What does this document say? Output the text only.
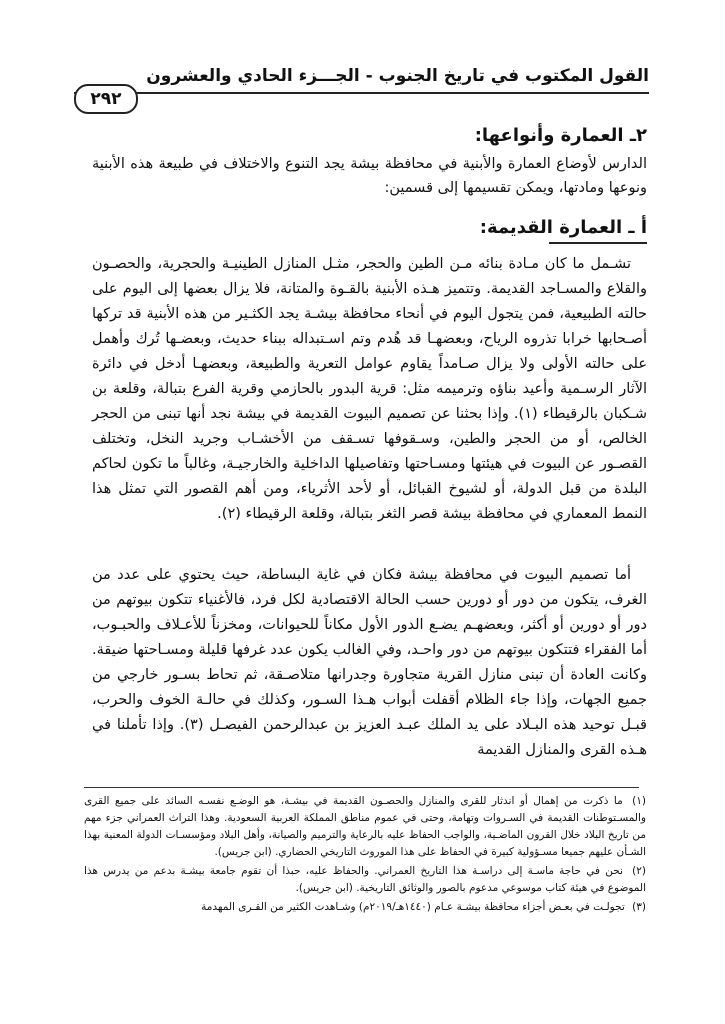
القول المكتوب في تاريخ الجنوب - الجـــزء الحادي والعشرون
٢٩٢
٢ـ العمارة وأنواعها:
الدارس لأوضاع العمارة والأبنية في محافظة بيشة يجد التنوع والاختلاف في طبيعة هذه الأبنية ونوعها ومادتها، ويمكن تقسيمها إلى قسمين:
أ ـ العمارة القديمة:
تشـمل ما كان مـادة بنائه مـن الطين والحجر، مثـل المنازل الطينيـة والحجرية، والحصـون والقلاع والمسـاجد القديمة. وتتميز هـذه الأبنية بالقـوة والمتانة، فلا يزال بعضها إلى اليوم على حالته الطبيعية، فمن يتجول اليوم في أنحاء محافظة بيشـة يجد الكثـير من هذه الأبنية قد تركها أصـحابها خرابا تذروه الرياح، وبعضهـا قد هُدم وتم اسـتبداله ببناء حديث، وبعضـها تُرك وأهمل على حالته الأولى ولا يزال صـامداً يقاوم عوامل التعرية والطبيعة، وبعضهـا أدخل في دائرة الآثار الرسـمية وأعيد بناؤه وترميمه مثل: قرية البدور بالحازمي وقرية الفرع بتبالة، وقلعة بن شـكبان بالرقيطاء (١). وإذا بحثنا عن تصميم البيوت القديمة في بيشة نجد أنها تبنى من الحجر الخالص، أو من الحجر والطين، وسـقوفها تسـقف من الأخشـاب وجريد النخل، وتختلف القصـور عن البيوت في هيئتها ومسـاحتها وتفاصيلها الداخلية والخارجيـة، وغالباً ما تكون لحاكم البلدة من قبل الدولة، أو لشيوخ القبائل، أو لأحد الأثرياء، ومن أهم القصور التي تمثل هذا النمط المعماري في محافظة بيشة قصر الثغر بتبالة، وقلعة الرقيطاء (٢).
أما تصميم البيوت في محافظة بيشة فكان في غاية البساطة، حيث يحتوي على عدد من الغرف، يتكون من دور أو دورين حسب الحالة الاقتصادية لكل فرد، فالأغنياء تتكون بيوتهم من دور أو دورين أو أكثر، وبعضهـم يضـع الدور الأول مكاناً للحيوانات، ومخزناً للأعـلاف والحبـوب، أما الفقراء فتتكون بيوتهم من دور واحـد، وفي الغالب يكون عدد غرفها قليلة ومسـاحتها ضيقة. وكانت العادة أن تبنى منازل القرية متجاورة وجدرانها متلاصـقة، ثم تحاط بسـور خارجي من جميع الجهات، وإذا جاء الظلام أقفلت أبواب هـذا السـور، وكذلك في حالـة الخوف والحرب، قبـل توحيد هذه البـلاد على يد الملك عبـد العزيز بن عبدالرحمن الفيصـل (٣). وإذا تأملنا في هـذه القرى والمنازل القديمة
(١) ما ذكرت من إهمال أو اندثار للقرى والمنازل والحصـون القديمة في بيشـة، هو الوضـع نفسـه السائد على جميع القرى والمسـتوطنات القديمة في السـروات وتهامة، وحتى في عموم مناطق المملكة العربية السعودية. وهذا التراث العمراني جزء مهم من تاريخ البلاد خلال القرون الماضـية، والواجب الحفاظ عليه بالرعاية والترميم والصيانة، وأهل البلاد ومؤسسـات الدولة المعنية بهذا الشـأن عليهم جميعا مسـؤولية كبيرة في الحفاظ على هذا الموروث التاريخي الحضاري. (ابن جريس).
(٢) نحن في حاجة ماسـة إلى دراسـة هذا التاريخ العمراني. والحفاظ عليه، حبذا أن تقوم جامعة بيشـة بدعم من يدرس هذا الموضوع في هيئة كتاب موسوعي مدعوم بالصور والوثائق التاريخية. (ابن جريس).
(٣) تجولـت في بعـض أجزاء محافظة بيشـة عـام (١٤٤٠هـ/٢٠١٩م) وشـاهدت الكثير من القـرى المهدمة
